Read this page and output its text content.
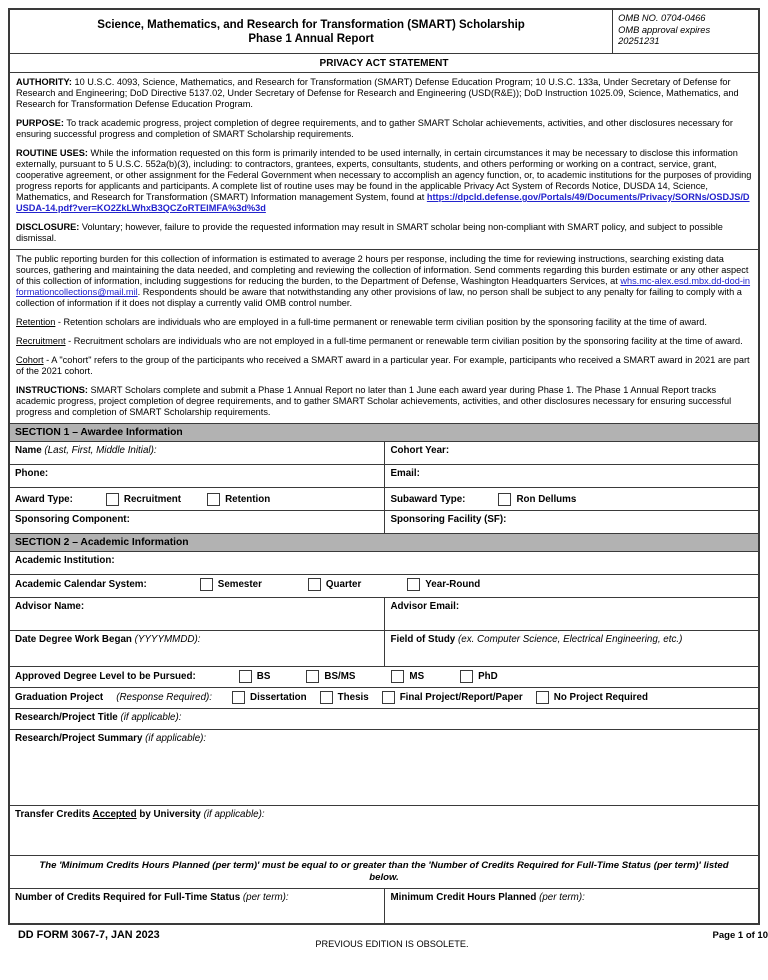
Science, Mathematics, and Research for Transformation (SMART) Scholarship
Phase 1 Annual Report
OMB NO. 0704-0466
OMB approval expires
20251231
PRIVACY ACT STATEMENT

AUTHORITY: 10 U.S.C. 4093, Science, Mathematics, and Research for Transformation (SMART) Defense Education Program; 10 U.S.C. 133a, Under Secretary of Defense for Research and Engineering; DoD Directive 5137.02, Under Secretary of Defense for Research and Engineering (USD(R&E)); DoD Instruction 1025.09, Science, Mathematics, and Research for Transformation Defense Education Program.

PURPOSE: To track academic progress, project completion of degree requirements, and to gather SMART Scholar achievements, activities, and other disclosures necessary for ensuring successful progress and completion of SMART Scholarship requirements.

ROUTINE USES: While the information requested on this form is primarily intended to be used internally, in certain circumstances it may be necessary to disclose this information externally, pursuant to 5 U.S.C. 552a(b)(3), including: to contractors, grantees, experts, consultants, students, and others performing or working on a contract, service, grant, cooperative agreement, or other assignment for the Federal Government when necessary to accomplish an agency function, or, to academic institutions for the purposes of providing progress reports for applicants and participants. A complete list of routine uses may be found in the applicable Privacy Act System of Records Notice, DUSDA 14, Science, Mathematics, and Research for Transformation (SMART) Information management System, found at https://dpcld.defense.gov/Portals/49/Documents/Privacy/SORNs/OSDJS/DUSDA-14.pdf?ver=KO2ZkLWhxB3QCZoRTEIMFA%3d%3d

DISCLOSURE: Voluntary; however, failure to provide the requested information may result in SMART scholar being non-compliant with SMART policy, and subject to possible dismissal.

The public reporting burden for this collection of information is estimated to average 2 hours per response, including the time for reviewing instructions, searching existing data sources, gathering and maintaining the data needed, and completing and reviewing the collection of information. Send comments regarding this burden estimate or any other aspect of this collection of information, including suggestions for reducing the burden, to the Department of Defense, Washington Headquarters Services, at whs.mc-alex.esd.mbx.dd-dod-informationcollections@mail.mil. Respondents should be aware that notwithstanding any other provisions of law, no person shall be subject to any penalty for failing to comply with a collection of information if it does not display a currently valid OMB control number.

Retention - Retention scholars are individuals who are employed in a full-time permanent or renewable term civilian position by the sponsoring facility at the time of award.

Recruitment - Recruitment scholars are individuals who are not employed in a full-time permanent or renewable term civilian position by the sponsoring facility at the time of award.

Cohort - A "cohort" refers to the group of the participants who received a SMART award in a particular year. For example, participants who received a SMART award in 2021 are part of the 2021 cohort.

INSTRUCTIONS: SMART Scholars complete and submit a Phase 1 Annual Report no later than 1 June each award year during Phase 1. The Phase 1 Annual Report tracks academic progress, project completion of degree requirements, and to gather SMART Scholar achievements, activities, and other disclosures necessary for ensuring successful progress and completion of SMART Scholarship requirements.

SECTION 1 – Awardee Information
Name (Last, First, Middle Initial):	Cohort Year:
Phone:	Email:
Award Type:	Recruitment	Retention	Subaward Type:	Ron Dellums
Sponsoring Component:	Sponsoring Facility (SF):
SECTION 2 – Academic Information
Academic Institution:
Academic Calendar System:	Semester	Quarter	Year-Round
Advisor Name:	Advisor Email:
Date Degree Work Began (YYYYMMDD):	Field of Study (ex. Computer Science, Electrical Engineering, etc.)
Approved Degree Level to be Pursued:	BS	BS/MS	MS	PhD
Graduation Project (Response Required):	Dissertation	Thesis	Final Project/Report/Paper	No Project Required
Research/Project Title (if applicable):
Research/Project Summary (if applicable):
Transfer Credits Accepted by University (if applicable):
The 'Minimum Credits Hours Planned (per term)' must be equal to or greater than the 'Number of Credits Required for Full-Time Status (per term)' listed below.
Number of Credits Required for Full-Time Status (per term):	Minimum Credit Hours Planned (per term):
DD FORM 3067-7, JAN 2023
PREVIOUS EDITION IS OBSOLETE.
Page 1 of 10
